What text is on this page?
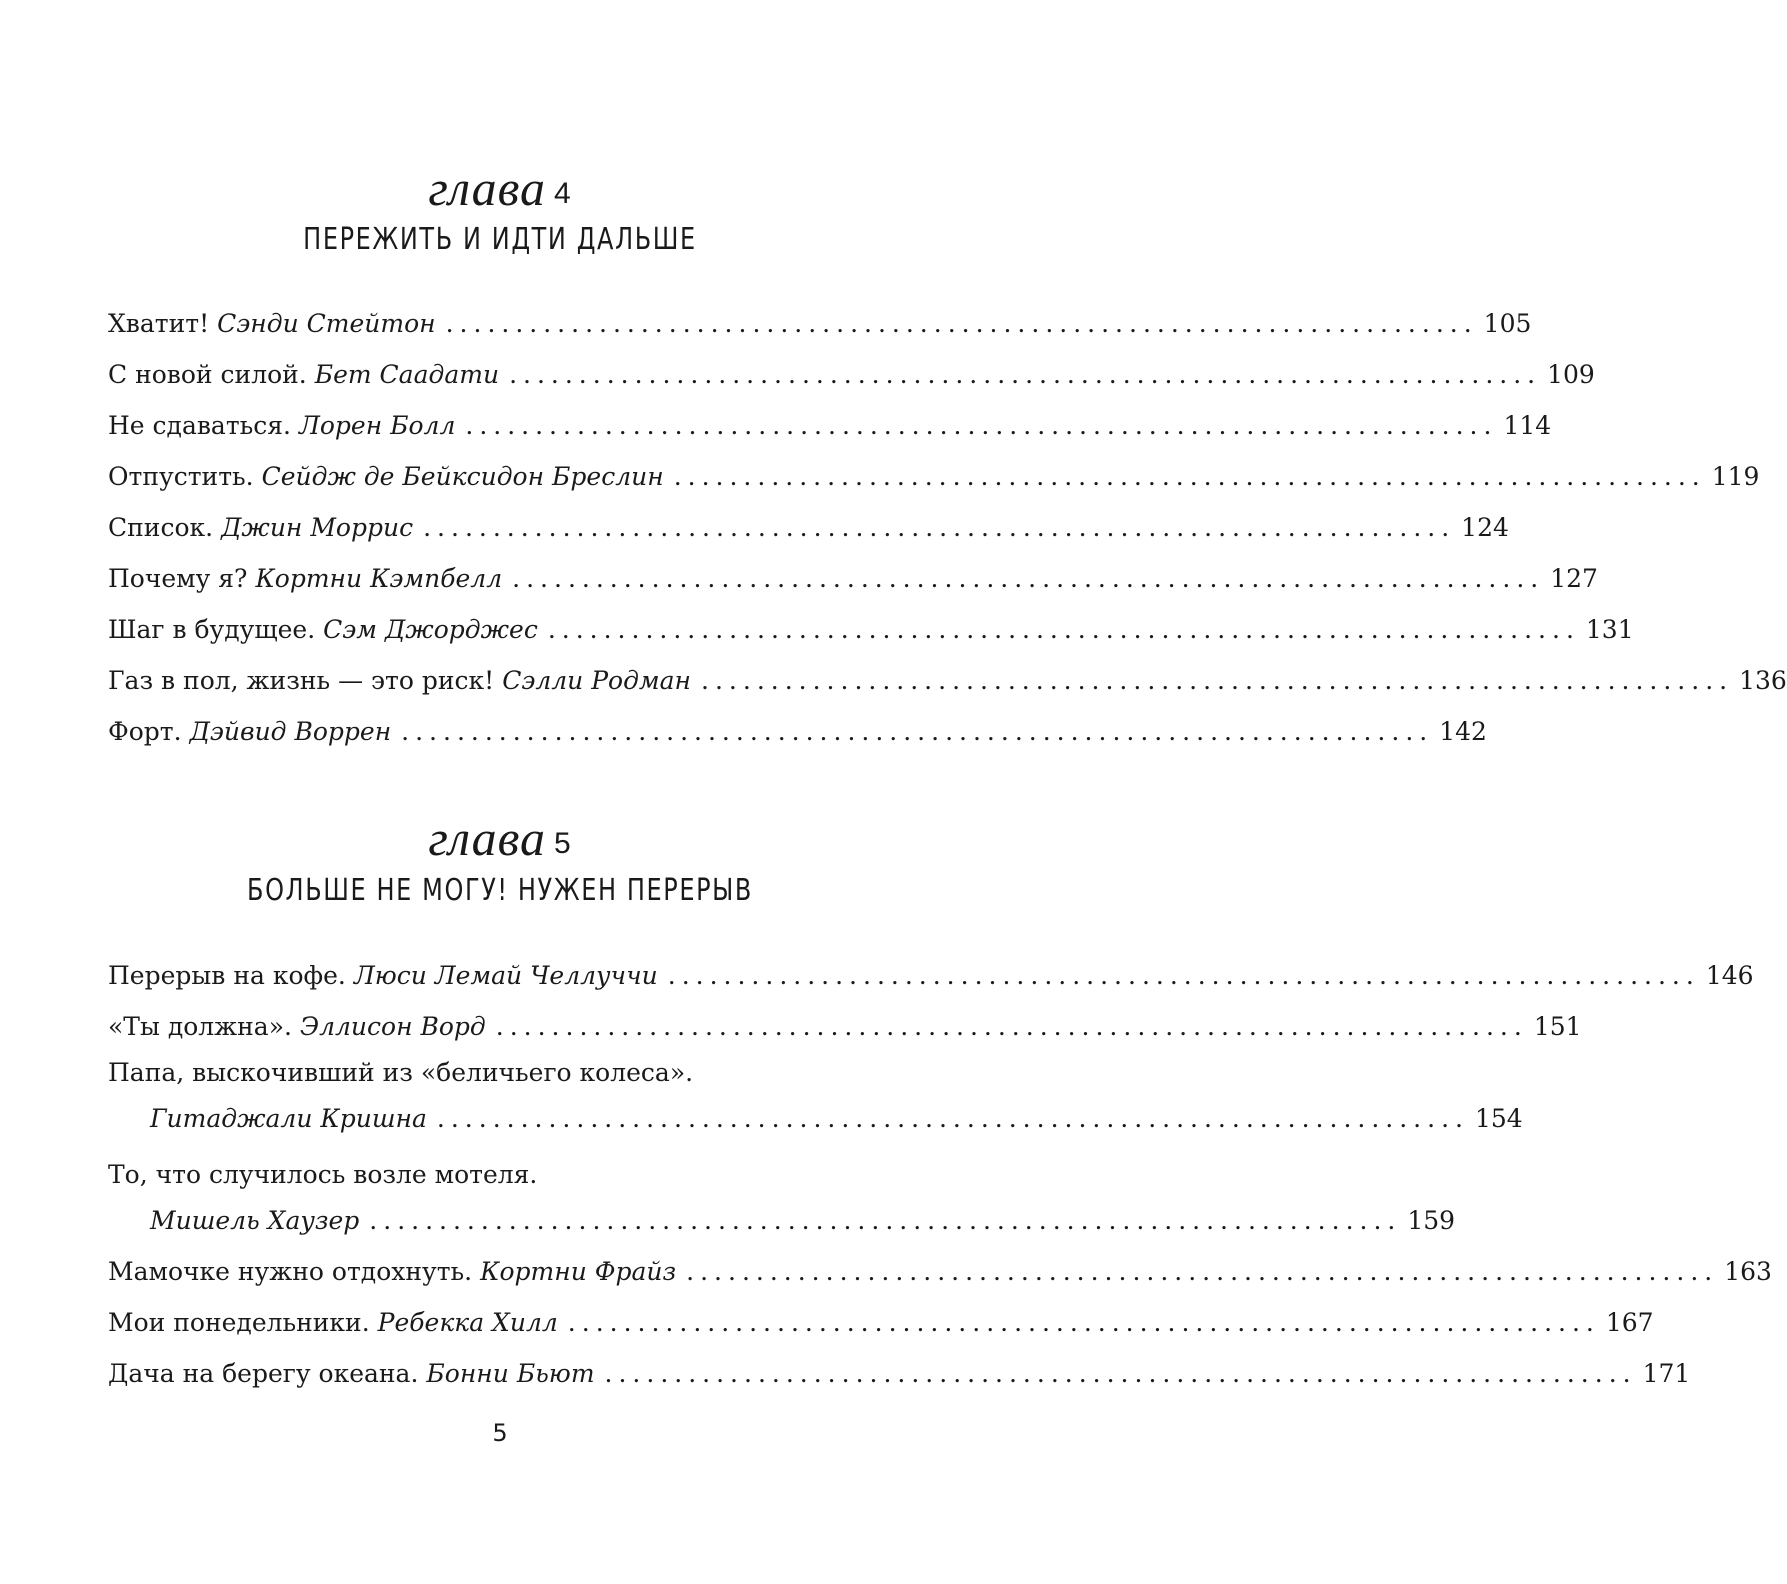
глава 4
ПЕРЕЖИТЬ И ИДТИ ДАЛЬШЕ
Хватит! Сэнди Стейтон .......................................................................... 105
С новой силой. Бет Саадати .......................................................................... 109
Не сдаваться. Лорен Болл .......................................................................... 114
Отпустить. Сейдж де Бейксидон Бреслин .......................................................................... 119
Список. Джин Моррис .......................................................................... 124
Почему я? Кортни Кэмпбелл .......................................................................... 127
Шаг в будущее. Сэм Джорджес .......................................................................... 131
Газ в пол, жизнь — это риск! Сэлли Родман .......................................................................... 136
Форт. Дэйвид Воррен .......................................................................... 142
глава 5
БОЛЬШЕ НЕ МОГУ! НУЖЕН ПЕРЕРЫВ
Перерыв на кофе. Люси Лемай Челлуччи .......................................................................... 146
«Ты должна». Эллисон Ворд .......................................................................... 151
Папа, выскочивший из «беличьего колеса».
Гитаджали Кришна .......................................................................... 154
То, что случилось возле мотеля.
Мишель Хаузер .......................................................................... 159
Мамочке нужно отдохнуть. Кортни Фрайз .......................................................................... 163
Мои понедельники. Ребекка Хилл .......................................................................... 167
Дача на берегу океана. Бонни Бьют .......................................................................... 171
5
